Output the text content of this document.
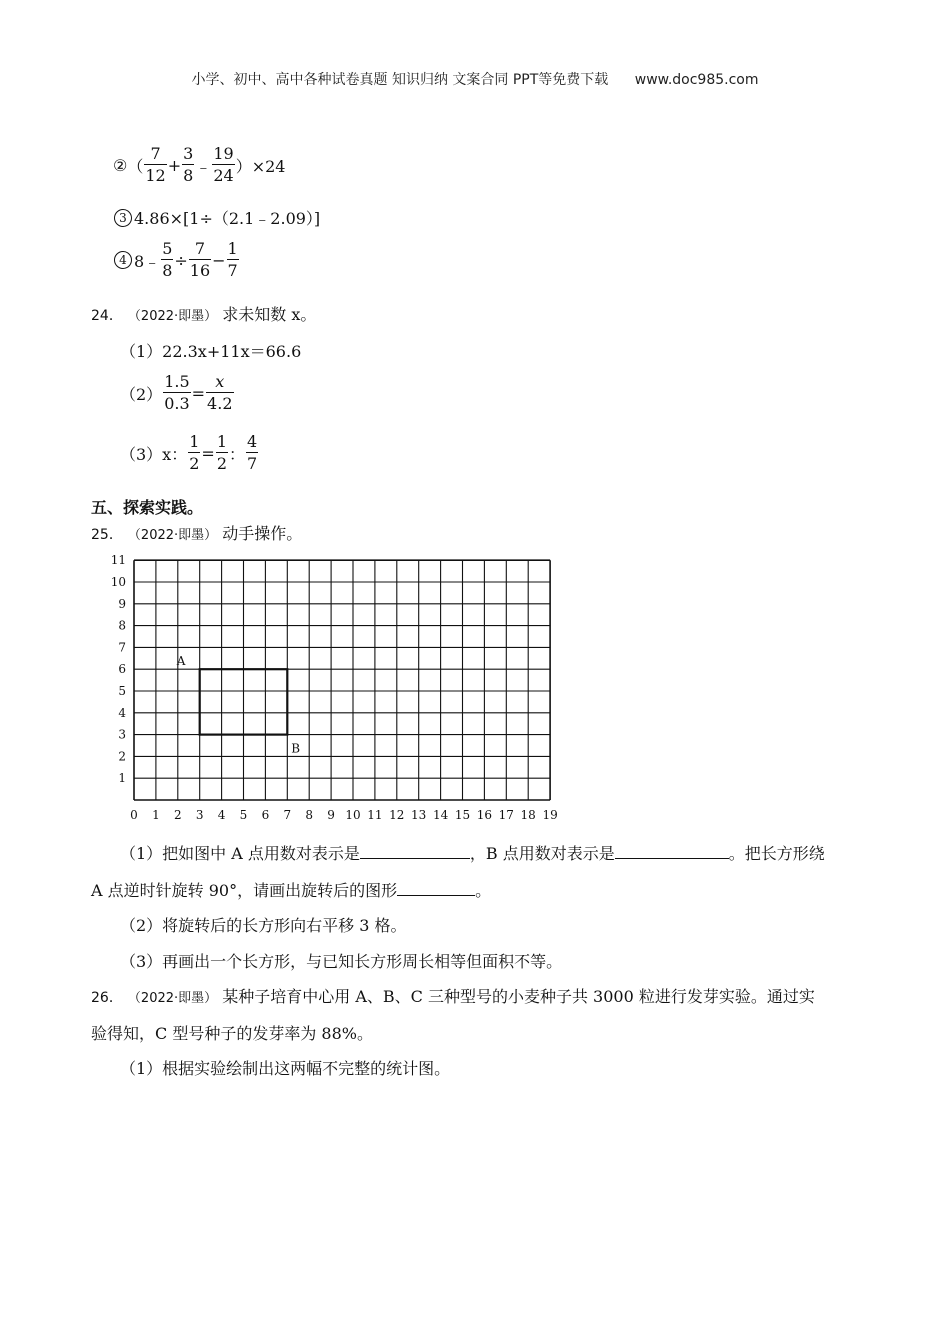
小学、初中、高中各种试卷真题 知识归纳 文案合同 PPT等免费下载 www.doc985.com
② （ $\frac{7}{12} + \frac{3}{8}$ ﹣ $\frac{19}{24} )\times 24$
3 4.86×[1÷（2.1﹣2.09）]
4 8﹣ $\frac{5}{8} \div \frac{7}{16} - \frac{1}{7}$
24． （2022·即墨） 求未知数 x。
（1）22.3x+11x＝66.6
$(2) \frac{1.5}{0.3} = \frac{x}{4.2}$
（3）x： $\frac{1}{2} = \frac{1}{2}$ ： $\frac{4}{7}$
五、探索实践。
25． （2022·即墨） 动手操作。
0 1 2 3 4 5 6 7 8 9 10 11 12 13 14 15 16 17 18 19
1
2
3
4
5
6
7
8
9
10
11
A
B
（1）把如图中 A 点用数对表示是	，B 点用数对表示是	。把长方形绕
A 点逆时针旋转 90°，请画出旋转后的图形	。
（2）将旋转后的长方形向右平移 3 格。
（3）再画出一个长方形，与已知长方形周长相等但面积不等。
26． （2022·即墨） 某种子培育中心用 A、B、C 三种型号的小麦种子共 3000 粒进行发芽实验。通过实
验得知，C 型号种子的发芽率为 88%。
（1）根据实验绘制出这两幅不完整的统计图。
